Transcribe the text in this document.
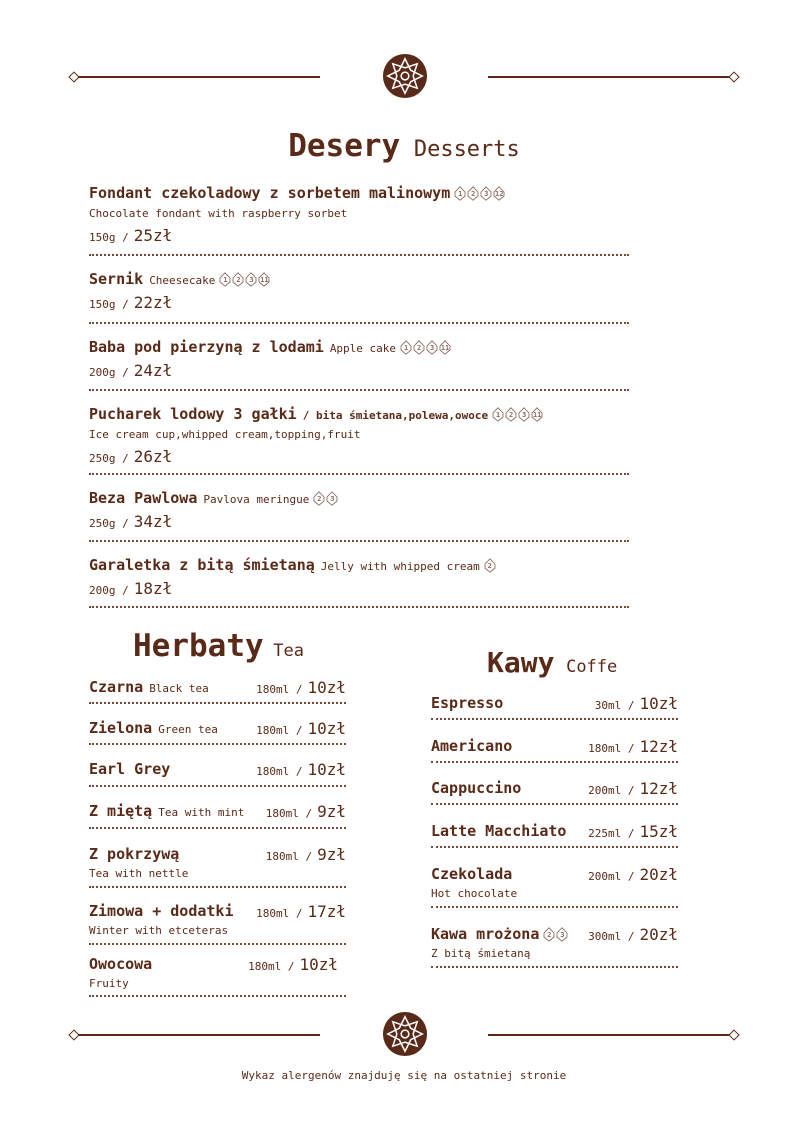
Desery Desserts
Fondant czekoladowy z sorbetem malinowym 1 2 3 12
Chocolate fondant with raspberry sorbet
150g / 25zł
Sernik Cheesecake 1 2 3 11
150g / 22zł
Baba pod pierzyną z lodami Apple cake 1 2 3 11
200g / 24zł
Pucharek lodowy 3 gałki / bita śmietana,polewa,owoce 1 2 3 11
Ice cream cup,whipped cream,topping,fruit
250g / 26zł
Beza Pawlowa Pavlova meringue 2 3
250g / 34zł
Garaletka z bitą śmietaną Jelly with whipped cream 2
200g / 18zł
Herbaty Tea
Czarna Black tea	180ml / 10zł
Zielona Green tea	180ml / 10zł
Earl Grey	180ml / 10zł
Z miętą Tea with mint 180ml / 9zł
Z pokrzywą	180ml / 9zł
Tea with nettle
Zimowa + dodatki 180ml / 17zł
Winter with etceteras
Owocowa	180ml / 10zł
Fruity
Kawy Coffe
Espresso	30ml / 10zł
Americano	180ml / 12zł
Cappuccino	200ml / 12zł
Latte Macchiato 225ml / 15zł
Czekolada	200ml / 20zł
Hot chocolate
Kawa mrożona 2 3 300ml / 20zł
Z bitą śmietaną
Wykaz alergenów znajduję się na ostatniej stronie
